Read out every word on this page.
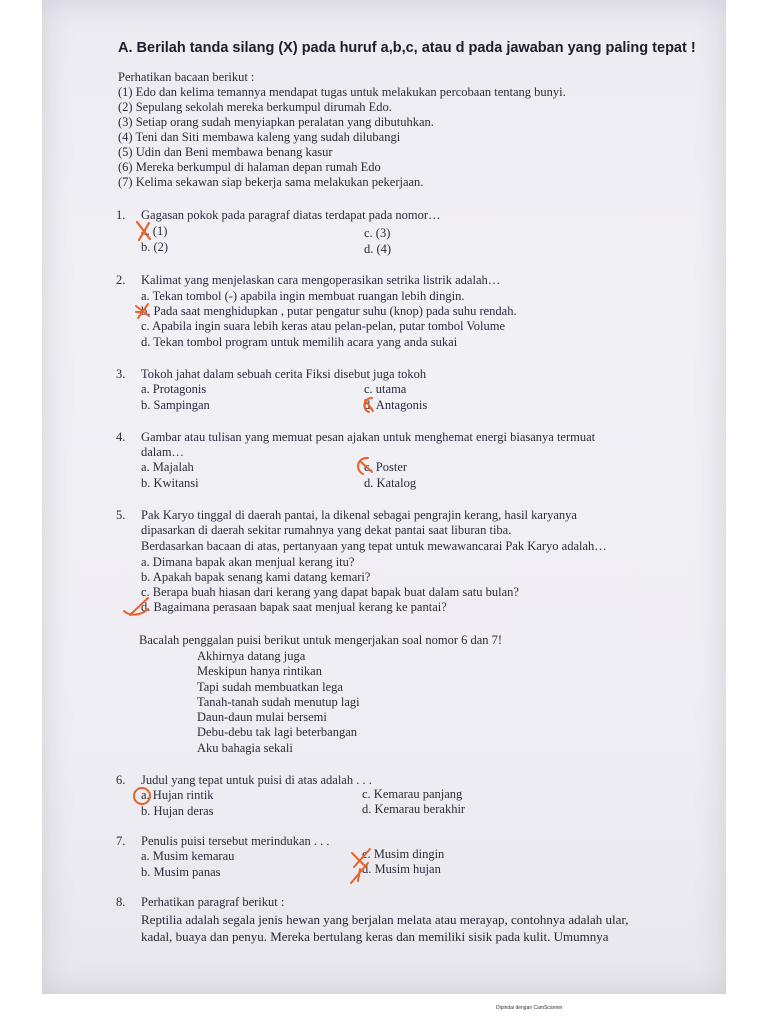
A. Berilah tanda silang (X) pada huruf a,b,c, atau d pada jawaban yang paling tepat !
Perhatikan bacaan berikut :
(1) Edo dan kelima temannya mendapat tugas untuk melakukan percobaan tentang bunyi.
(2) Sepulang sekolah mereka berkumpul dirumah Edo.
(3) Setiap orang sudah menyiapkan peralatan yang dibutuhkan.
(4) Teni dan Siti membawa kaleng yang sudah dilubangi
(5) Udin dan Beni membawa benang kasur
(6) Mereka berkumpul di halaman depan rumah Edo
(7) Kelima sekawan siap bekerja sama melakukan pekerjaan.
1. Gagasan pokok pada paragraf diatas terdapat pada nomor…
a. (1)	c. (3)
b. (2)	d. (4)
2. Kalimat yang menjelaskan cara mengoperasikan setrika listrik adalah…
a. Tekan tombol (-) apabila ingin membuat ruangan lebih dingin.
b. Pada saat menghidupkan , putar pengatur suhu (knop) pada suhu rendah.
c. Apabila ingin suara lebih keras atau pelan-pelan, putar tombol Volume
d. Tekan tombol program untuk memilih acara yang anda sukai
3. Tokoh jahat dalam sebuah cerita Fiksi disebut juga tokoh
a. Protagonis	c. utama
b. Sampingan	d. Antagonis
4. Gambar atau tulisan yang memuat pesan ajakan untuk menghemat energi biasanya termuat
dalam…
a. Majalah	c. Poster
b. Kwitansi	d. Katalog
5. Pak Karyo tinggal di daerah pantai, la dikenal sebagai pengrajin kerang, hasil karyanya
dipasarkan di daerah sekitar rumahnya yang dekat pantai saat liburan tiba.
Berdasarkan bacaan di atas, pertanyaan yang tepat untuk mewawancarai Pak Karyo adalah…
a. Dimana bapak akan menjual kerang itu?
b. Apakah bapak senang kami datang kemari?
c. Berapa buah hiasan dari kerang yang dapat bapak buat dalam satu bulan?
d. Bagaimana perasaan bapak saat menjual kerang ke pantai?
Bacalah penggalan puisi berikut untuk mengerjakan soal nomor 6 dan 7!
Akhirnya datang juga
Meskipun hanya rintikan
Tapi sudah membuatkan lega
Tanah-tanah sudah menutup lagi
Daun-daun mulai bersemi
Debu-debu tak lagi beterbangan
Aku bahagia sekali
6. Judul yang tepat untuk puisi di atas adalah . . .
a. Hujan rintik	c. Kemarau panjang
b. Hujan deras	d. Kemarau berakhir
7. Penulis puisi tersebut merindukan . . .
a. Musim kemarau	c. Musim dingin
b. Musim panas	d. Musim hujan
8. Perhatikan paragraf berikut :
Reptilia adalah segala jenis hewan yang berjalan melata atau merayap, contohnya adalah ular,
kadal, buaya dan penyu. Mereka bertulang keras dan memiliki sisik pada kulit. Umumnya
Dipindai dengan CamScanner
